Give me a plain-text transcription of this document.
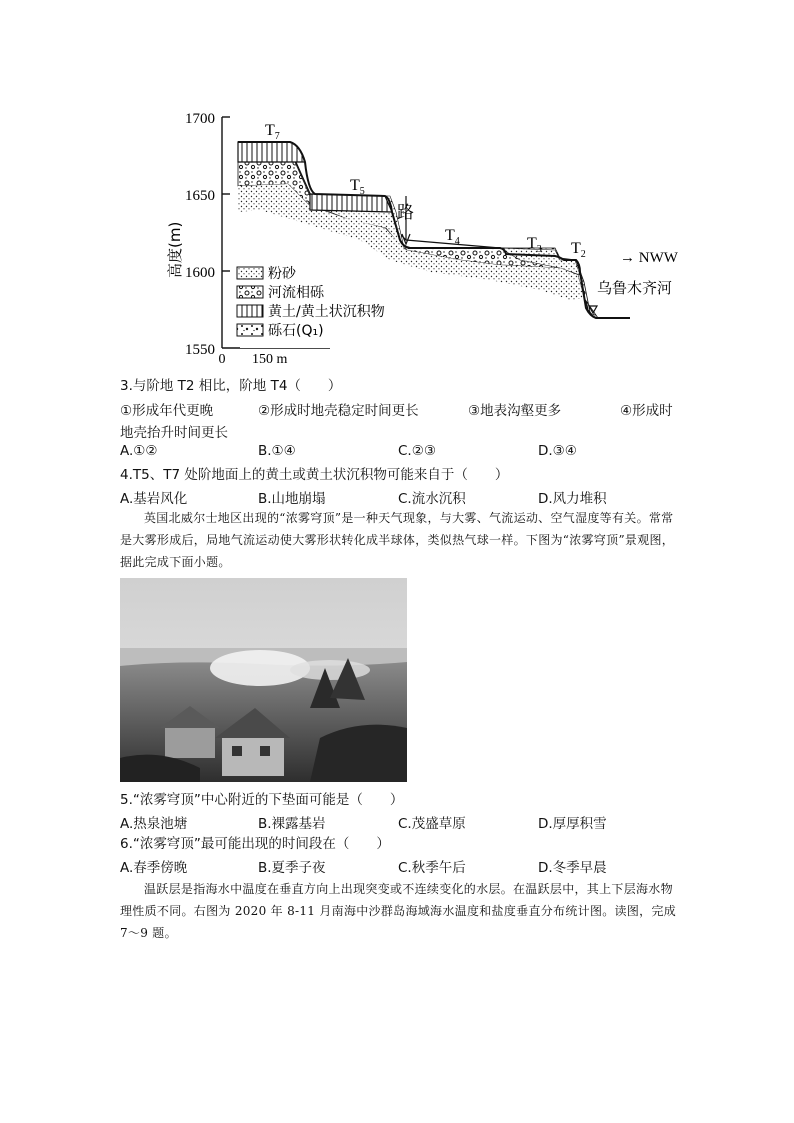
1700
1650
1600
1550
高度(m)
0 150 m
路
$T_7$
$T_5$
$T_4$	$T_3$ $T_2$ → NWW
乌鲁木齐河
粉砂
河流相砾
黄土/黄土状沉积物
砾石(Q₁)
3.与阶地 T2 相比，阶地 T4（　　）
①形成年代更晚	②形成时地壳稳定时间更长	③地表沟壑更多	④形成时
地壳抬升时间更长
A.①②	B.①④	C.②③	D.③④
4.T5、T7 处阶地面上的黄土或黄土状沉积物可能来自于（　　）
A.基岩风化	B.山地崩塌	C.流水沉积	D.风力堆积
英国北威尔士地区出现的“浓雾穹顶”是一种天气现象，与大雾、气流运动、空气湿度等有关。常常是大雾形成后，局地气流运动使大雾形状转化成半球体，类似热气球一样。下图为“浓雾穹顶”景观图，据此完成下面小题。
5.“浓雾穹顶”中心附近的下垫面可能是（　　）
A.热泉池塘	B.裸露基岩	C.茂盛草原	D.厚厚积雪
6.“浓雾穹顶”最可能出现的时间段在（　　）
A.春季傍晚	B.夏季子夜	C.秋季午后	D.冬季早晨
温跃层是指海水中温度在垂直方向上出现突变或不连续变化的水层。在温跃层中，其上下层海水物理性质不同。右图为 2020 年 8-11 月南海中沙群岛海域海水温度和盐度垂直分布统计图。读图，完成 7～9 题。
